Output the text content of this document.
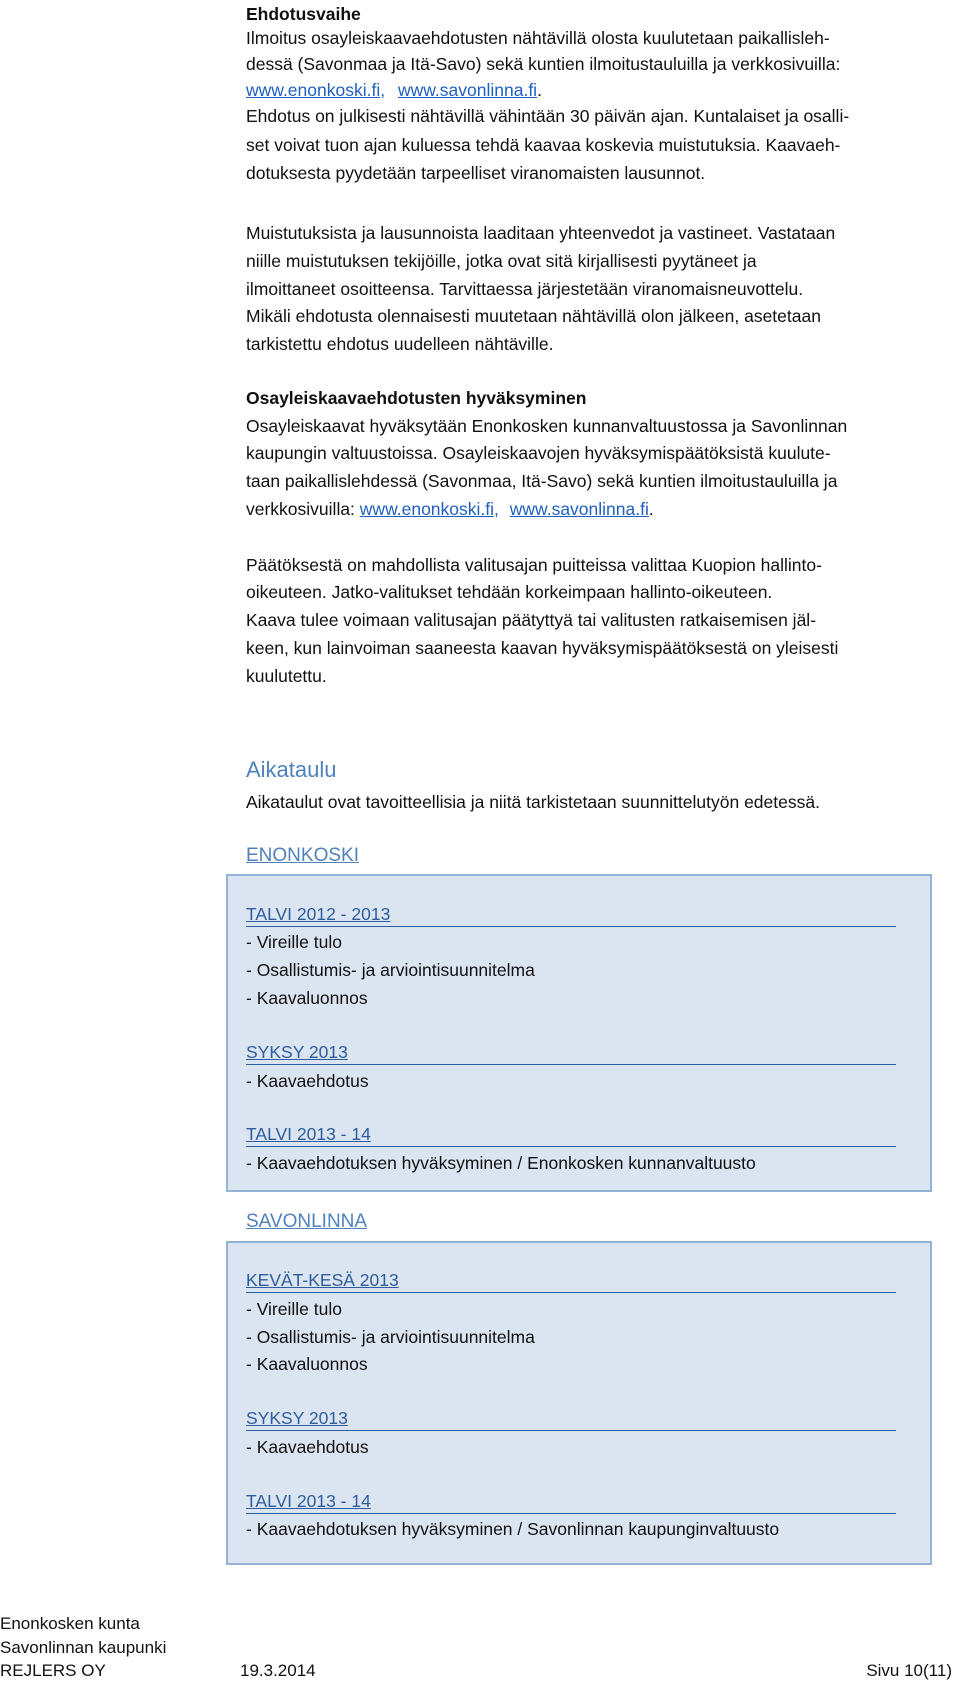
Ehdotusvaihe
Ilmoitus osayleiskaavaehdotusten nähtävillä olosta kuulutetaan paikallisleh-
dessä (Savonmaa ja Itä-Savo) sekä kuntien ilmoitustauluilla ja verkkosivuilla:
www.enonkoski.fi, www.savonlinna.fi.
Ehdotus on julkisesti nähtävillä vähintään 30 päivän ajan. Kuntalaiset ja osalli-
set voivat tuon ajan kuluessa tehdä kaavaa koskevia muistutuksia. Kaavaeh-
dotuksesta pyydetään tarpeelliset viranomaisten lausunnot.
Muistutuksista ja lausunnoista laaditaan yhteenvedot ja vastineet. Vastataan
niille muistutuksen tekijöille, jotka ovat sitä kirjallisesti pyytäneet ja
ilmoittaneet osoitteensa. Tarvittaessa järjestetään viranomaisneuvottelu.
Mikäli ehdotusta olennaisesti muutetaan nähtävillä olon jälkeen, asetetaan
tarkistettu ehdotus uudelleen nähtäville.
Osayleiskaavaehdotusten hyväksyminen
Osayleiskaavat hyväksytään Enonkosken kunnanvaltuustossa ja Savonlinnan
kaupungin valtuustoissa. Osayleiskaavojen hyväksymispäätöksistä kuulute-
taan paikallislehdessä (Savonmaa, Itä-Savo) sekä kuntien ilmoitustauluilla ja
verkkosivuilla: www.enonkoski.fi, www.savonlinna.fi.
Päätöksestä on mahdollista valitusajan puitteissa valittaa Kuopion hallinto-
oikeuteen. Jatko-valitukset tehdään korkeimpaan hallinto-oikeuteen.
Kaava tulee voimaan valitusajan päätyttyä tai valitusten ratkaisemisen jäl-
keen, kun lainvoiman saaneesta kaavan hyväksymispäätöksestä on yleisesti
kuulutettu.
Aikataulu
Aikataulut ovat tavoitteellisia ja niitä tarkistetaan suunnittelutyön edetessä.
ENONKOSKI
TALVI 2012 - 2013
- Vireille tulo
- Osallistumis- ja arviointisuunnitelma
- Kaavaluonnos
SYKSY 2013
- Kaavaehdotus
TALVI 2013 - 14
- Kaavaehdotuksen hyväksyminen / Enonkosken kunnanvaltuusto
SAVONLINNA
KEVÄT-KESÄ 2013
- Vireille tulo
- Osallistumis- ja arviointisuunnitelma
- Kaavaluonnos
SYKSY 2013
- Kaavaehdotus
TALVI 2013 - 14
- Kaavaehdotuksen hyväksyminen / Savonlinnan kaupunginvaltuusto
Enonkosken kunta
Savonlinnan kaupunki
REJLERS OY	19.3.2014	Sivu 10(11)
